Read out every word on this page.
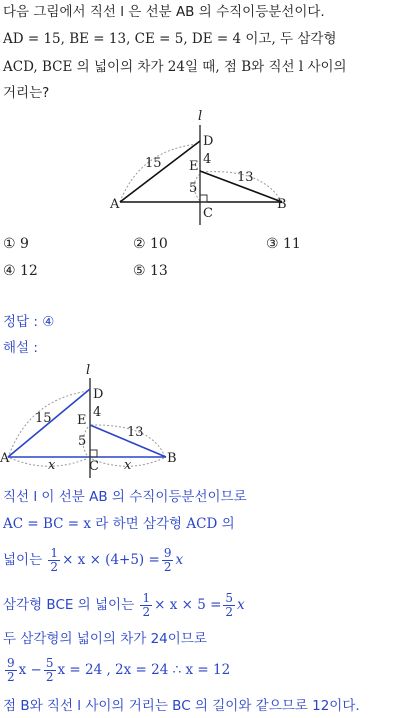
다음 그림에서 직선 l 은 선분 AB 의 수직이등분선이다.
AD = 15, BE = 13, CE = 5, DE = 4 이고, 두 삼각형
ACD, BCE 의 넓이의 차가 24일 때, 점 B와 직선 l 사이의
거리는?
l
D
E
A
C
B
15	4
13
5
① 9	② 10	③ 11
④ 12	⑤ 13
정답 : ④
해설 :
l
D
E
A
C
B
15	4
13
5
x	x
직선 l 이 선분 AB 의 수직이등분선이므로
AC = BC = x 라 하면 삼각형 ACD 의
넓이는
$\frac{1}{2} \times x \times (4+5) = \frac{9}{2}$ x
삼각형 BCE 의 넓이는
$\frac{1}{2} \times x \times 5 = \frac{5}{2}$ x
두 삼각형의 넓이의 차가 24이므로
$\frac{9}{2}$ $x - \frac{5}{2}$ x = 24 , 2x = 24 ∴ x = 12
점 B와 직선 l 사이의 거리는 BC 의 길이와 같으므로 12이다.
